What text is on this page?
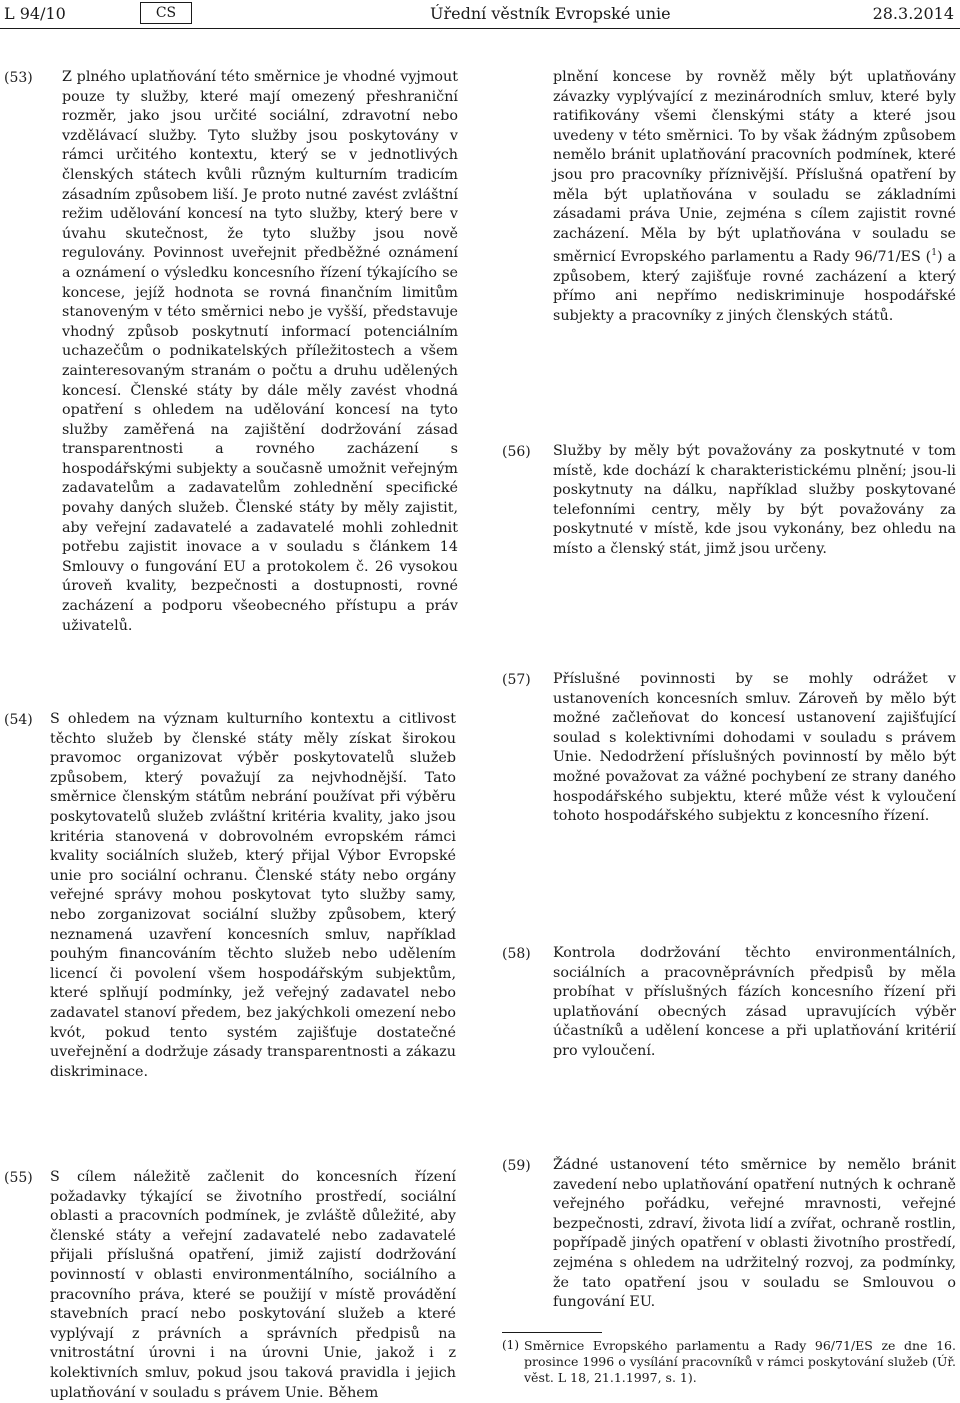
L 94/10	CS	Úřední věstník Evropské unie	28.3.2014
(53) Z plného uplatňování této směrnice je vhodné vyjmout pouze ty služby, které mají omezený přeshraniční rozměr, jako jsou určité sociální, zdravotní nebo vzdělávací služby. Tyto služby jsou poskytovány v rámci určitého kontextu, který se v jednotlivých členských státech kvůli různým kulturním tradicím zásadním způsobem liší. Je proto nutné zavést zvláštní režim udělování koncesí na tyto služby, který bere v úvahu skutečnost, že tyto služby jsou nově regulovány. Povinnost uveřejnit předběžné oznámení a oznámení o výsledku koncesního řízení týkajícího se koncese, jejíž hodnota se rovná finančním limitům stanoveným v této směrnici nebo je vyšší, představuje vhodný způsob poskytnutí informací potenciálním uchazečům o podnikatelských příležitostech a všem zainteresovaným stranám o počtu a druhu udělených koncesí. Členské státy by dále měly zavést vhodná opatření s ohledem na udělování koncesí na tyto služby zaměřená na zajištění dodržování zásad transparentnosti a rovného zacházení s hospodářskými subjekty a současně umožnit veřejným zadavatelům a zadavatelům zohlednění specifické povahy daných služeb. Členské státy by měly zajistit, aby veřejní zadavatelé a zadavatelé mohli zohlednit potřebu zajistit inovace a v souladu s článkem 14 Smlouvy o fungování EU a protokolem č. 26 vysokou úroveň kvality, bezpečnosti a dostupnosti, rovné zacházení a podporu všeobecného přístupu a práv uživatelů.
plnění koncese by rovněž měly být uplatňovány závazky vyplývající z mezinárodních smluv, které byly ratifikovány všemi členskými státy a které jsou uvedeny v této směrnici. To by však žádným způsobem nemělo bránit uplatňování pracovních podmínek, které jsou pro pracovníky příznivější. Příslušná opatření by měla být uplatňována v souladu se základními zásadami práva Unie, zejména s cílem zajistit rovné zacházení. Měla by být uplatňována v souladu se směrnicí Evropského parlamentu a Rady 96/71/ES ($^1$) a způsobem, který zajišťuje rovné zacházení a který přímo ani nepřímo nediskriminuje hospodářské subjekty a pracovníky z jiných členských států.
(56) Služby by měly být považovány za poskytnuté v tom místě, kde dochází k charakteristickému plnění; jsou-li poskytnuty na dálku, například služby poskytované telefonními centry, měly by být považovány za poskytnuté v místě, kde jsou vykonány, bez ohledu na místo a členský stát, jimž jsou určeny.
(54) S ohledem na význam kulturního kontextu a citlivost těchto služeb by členské státy měly získat širokou pravomoc organizovat výběr poskytovatelů služeb způsobem, který považují za nejvhodnější. Tato směrnice členským státům nebrání používat při výběru poskytovatelů služeb zvláštní kritéria kvality, jako jsou kritéria stanovená v dobrovolném evropském rámci kvality sociálních služeb, který přijal Výbor Evropské unie pro sociální ochranu. Členské státy nebo orgány veřejné správy mohou poskytovat tyto služby samy, nebo zorganizovat sociální služby způsobem, který neznamená uzavření koncesních smluv, například pouhým financováním těchto služeb nebo udělením licencí či povolení všem hospodářským subjektům, které splňují podmínky, jež veřejný zadavatel nebo zadavatel stanoví předem, bez jakýchkoli omezení nebo kvót, pokud tento systém zajišťuje dostatečné uveřejnění a dodržuje zásady transparentnosti a zákazu diskriminace.
(57) Příslušné povinnosti by se mohly odrážet v ustanoveních koncesních smluv. Zároveň by mělo být možné začleňovat do koncesí ustanovení zajišťující soulad s kolektivními dohodami v souladu s právem Unie. Nedodržení příslušných povinností by mělo být možné považovat za vážné pochybení ze strany daného hospodářského subjektu, které může vést k vyloučení tohoto hospodářského subjektu z koncesního řízení.
(58) Kontrola dodržování těchto environmentálních, sociálních a pracovněprávních předpisů by měla probíhat v příslušných fázích koncesního řízení při uplatňování obecných zásad upravujících výběr účastníků a udělení koncese a při uplatňování kritérií pro vyloučení.
(55) S cílem náležitě začlenit do koncesních řízení požadavky týkající se životního prostředí, sociální oblasti a pracovních podmínek, je zvláště důležité, aby členské státy a veřejní zadavatelé nebo zadavatelé přijali příslušná opatření, jimiž zajistí dodržování povinností v oblasti environmentálního, sociálního a pracovního práva, které se použijí v místě provádění stavebních prací nebo poskytování služeb a které vyplývají z právních a správních předpisů na vnitrostátní úrovni i na úrovni Unie, jakož i z kolektivních smluv, pokud jsou taková pravidla i jejich uplatňování v souladu s právem Unie. Během
(59) Žádné ustanovení této směrnice by nemělo bránit zavedení nebo uplatňování opatření nutných k ochraně veřejného pořádku, veřejné mravnosti, veřejné bezpečnosti, zdraví, života lidí a zvířat, ochraně rostlin, popřípadě jiných opatření v oblasti životního prostředí, zejména s ohledem na udržitelný rozvoj, za podmínky, že tato opatření jsou v souladu se Smlouvou o fungování EU.
(1) Směrnice Evropského parlamentu a Rady 96/71/ES ze dne 16. prosince 1996 o vysílání pracovníků v rámci poskytování služeb (Úř. věst. L 18, 21.1.1997, s. 1).
